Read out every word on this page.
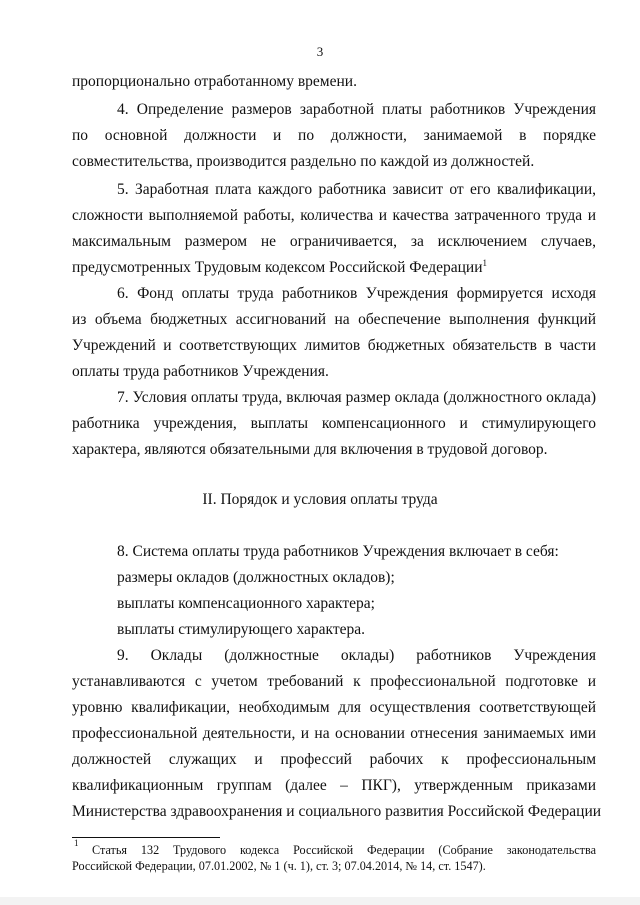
3
пропорционально отработанному времени.
4. Определение размеров заработной платы работников Учреждения
по основной должности и по должности, занимаемой в порядке
совместительства, производится раздельно по каждой из должностей.
5. Заработная плата каждого работника зависит от его квалификации,
сложности выполняемой работы, количества и качества затраченного труда и
максимальным размером не ограничивается, за исключением случаев,
предусмотренных Трудовым кодексом Российской Федерации$^1$
6. Фонд оплаты труда работников Учреждения формируется исходя
из объема бюджетных ассигнований на обеспечение выполнения функций
Учреждений и соответствующих лимитов бюджетных обязательств в части
оплаты труда работников Учреждения.
7. Условия оплаты труда, включая размер оклада (должностного оклада)
работника учреждения, выплаты компенсационного и стимулирующего
характера, являются обязательными для включения в трудовой договор.
II. Порядок и условия оплаты труда
8. Система оплаты труда работников Учреждения включает в себя:
размеры окладов (должностных окладов);
выплаты компенсационного характера;
выплаты стимулирующего характера.
9. Оклады (должностные оклады) работников Учреждения
устанавливаются с учетом требований к профессиональной подготовке и
уровню квалификации, необходимым для осуществления соответствующей
профессиональной деятельности, и на основании отнесения занимаемых ими
должностей служащих и профессий рабочих к профессиональным
квалификационным группам (далее – ПКГ), утвержденным приказами
Министерства здравоохранения и социального развития Российской Федерации
1 Статья 132 Трудового кодекса Российской Федерации (Собрание законодательства
Российской Федерации, 07.01.2002, № 1 (ч. 1), ст. 3; 07.04.2014, № 14, ст. 1547).
